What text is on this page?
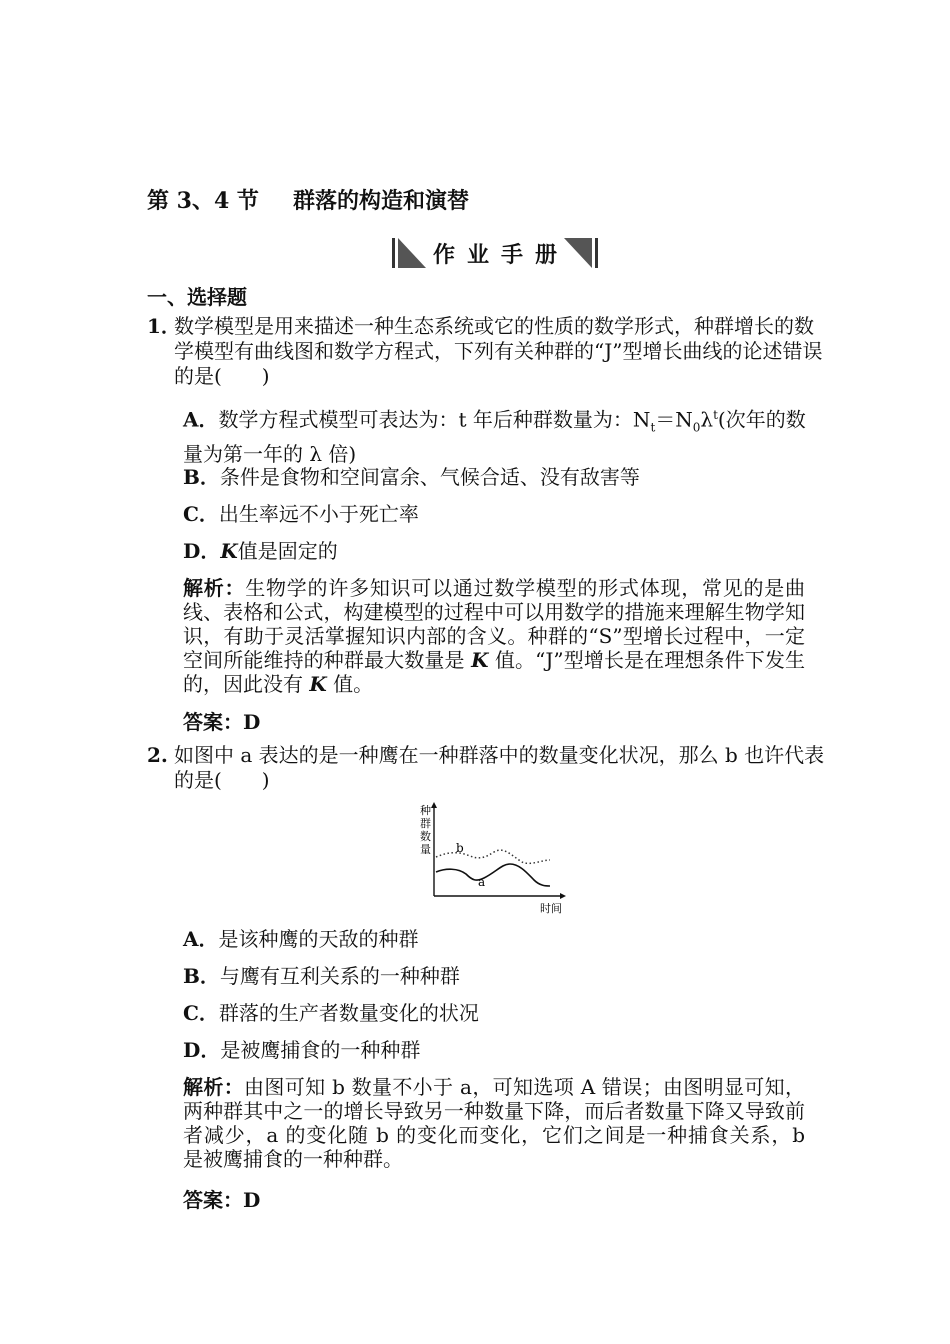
第 3、4 节 群落的构造和演替
作业手册
一、选择题
1．
数学模型是用来描述一种生态系统或它的性质的数学形式，种群增长的数学模型有曲线图和数学方程式，下列有关种群的“J”型增长曲线的论述错误的是(　　)
A．数学方程式模型可表达为：t 年后种群数量为：$N_t=N_0\lambda^t$(次年的数量为第一年的 λ 倍)
B．条件是食物和空间富余、气候合适、没有敌害等
C．出生率远不小于死亡率
D．K值是固定的
解析：生物学的许多知识可以通过数学模型的形式体现，常见的是曲线、表格和公式，构建模型的过程中可以用数学的措施来理解生物学知识，有助于灵活掌握知识内部的含义。种群的“S”型增长过程中，一定空间所能维持的种群最大数量是 K 值。“J”型增长是在理想条件下发生的，因此没有 K 值。
答案：D
2. 如图中 a 表达的是一种鹰在一种群落中的数量变化状况，那么 b 也许代表的是(　　)
种
群
数
量
时间
b
a
A．是该种鹰的天敌的种群
B．与鹰有互利关系的一种种群
C．群落的生产者数量变化的状况
D．是被鹰捕食的一种种群
解析：由图可知 b 数量不小于 a，可知选项 A 错误；由图明显可知，两种群其中之一的增长导致另一种数量下降，而后者数量下降又导致前者减少，a 的变化随 b 的变化而变化，它们之间是一种捕食关系，b 是被鹰捕食的一种种群。
答案：D
